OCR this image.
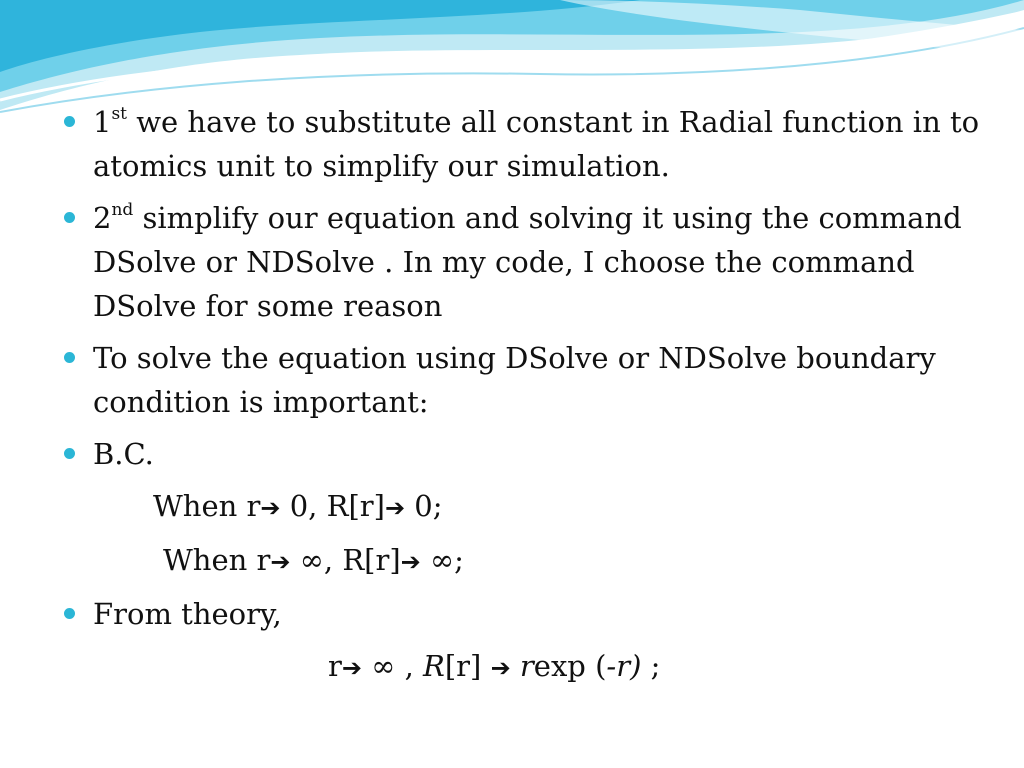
1st we have to substitute all constant in Radial function in to atomics unit to simplify our simulation.
2nd simplify our equation and solving it using the command DSolve or NDSolve . In my code, I choose the command DSolve for some reason
To solve the equation using DSolve or NDSolve boundary condition is important:
B.C.
When r➔ 0, R[r]➔ 0;
When r➔ ∞, R[r]➔ ∞;
From theory,
r➔ ∞ , R[r] ➔ rexp (-r) ;
